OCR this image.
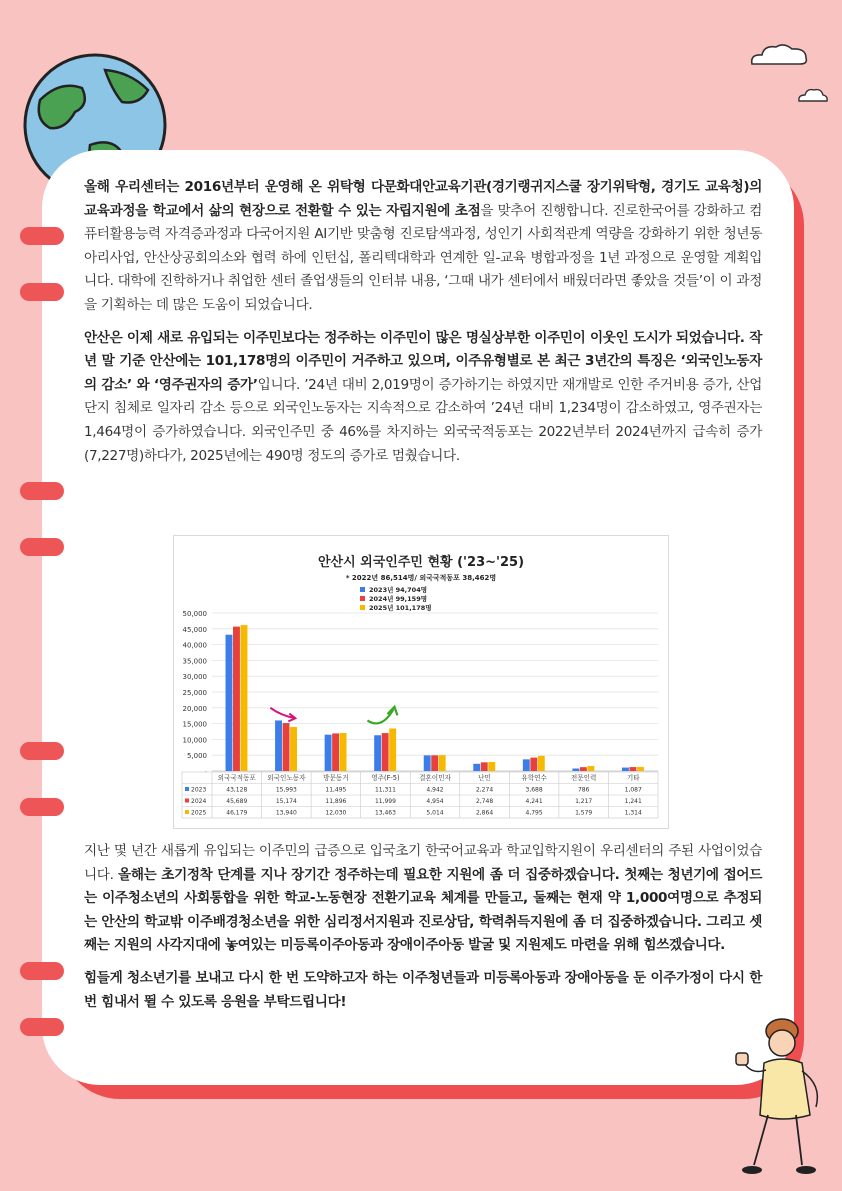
올해 우리센터는 2016년부터 운영해 온 위탁형 다문화대안교육기관(경기랭귀지스쿨 장기위탁형, 경기도 교육청)의 교육과정을 학교에서 삶의 현장으로 전환할 수 있는 자립지원에 초점을 맞추어 진행합니다. 진로한국어를 강화하고 컴퓨터활용능력 자격증과정과 다국어지원 AI기반 맞춤형 진로탐색과정, 성인기 사회적관계 역량을 강화하기 위한 청년동아리사업, 안산상공회의소와 협력 하에 인턴십, 폴리텍대학과 연계한 일-교육 병합과정을 1년 과정으로 운영할 계획입니다. 대학에 진학하거나 취업한 센터 졸업생들의 인터뷰 내용, ‘그때 내가 센터에서 배웠더라면 좋았을 것들’이 이 과정을 기획하는 데 많은 도움이 되었습니다.

안산은 이제 새로 유입되는 이주민보다는 정주하는 이주민이 많은 명실상부한 이주민이 이웃인 도시가 되었습니다. 작년 말 기준 안산에는 101,178명의 이주민이 거주하고 있으며, 이주유형별로 본 최근 3년간의 특징은 ‘외국인노동자의 감소’ 와 ‘영주권자의 증가’입니다. ’24년 대비 2,019명이 증가하기는 하였지만 재개발로 인한 주거비용 증가, 산업단지 침체로 일자리 감소 등으로 외국인노동자는 지속적으로 감소하여 ’24년 대비 1,234명이 감소하였고, 영주권자는 1,464명이 증가하였습니다. 외국인주민 중 46%를 차지하는 외국국적동포는 2022년부터 2024년까지 급속히 증가(7,227명)하다가, 2025년에는 490명 정도의 증가로 멈췄습니다.

안산시 외국인주민 현황 ('23~'25)
* 2022년 86,514명/ 외국국적동포 38,462명
2023년 94,704명
2024년 99,159명
2025년 101,178명
50,000
45,000
40,000
35,000
30,000
25,000
20,000
15,000
10,000
5,000
-
외국국적동포
43,128
45,689
46,179
외국인노동자
15,993
15,174
13,940
방문동거
11,495
11,896
12,030
영주(F-5)
11,311
11,999
13,463
결혼이민자
4,942
4,954
5,014
난민
2,274
2,748
2,864
유학연수
3,688
4,241
4,795
전문인력
786
1,217
1,579
기타
1,087
1,241
1,314
2023
2024
2025

지난 몇 년간 새롭게 유입되는 이주민의 급증으로 입국초기 한국어교육과 학교입학지원이 우리센터의 주된 사업이었습니다. 올해는 초기정착 단계를 지나 장기간 정주하는데 필요한 지원에 좀 더 집중하겠습니다. 첫째는 청년기에 접어드는 이주청소년의 사회통합을 위한 학교-노동현장 전환기교육 체계를 만들고, 둘째는 현재 약 1,000여명으로 추정되는 안산의 학교밖 이주배경청소년을 위한 심리정서지원과 진로상담, 학력취득지원에 좀 더 집중하겠습니다. 그리고 셋째는 지원의 사각지대에 놓여있는 미등록이주아동과 장애이주아동 발굴 및 지원제도 마련을 위해 힘쓰겠습니다.

힘들게 청소년기를 보내고 다시 한 번 도약하고자 하는 이주청년들과 미등록아동과 장애아동을 둔 이주가정이 다시 한 번 힘내서 뛸 수 있도록 응원을 부탁드립니다!
